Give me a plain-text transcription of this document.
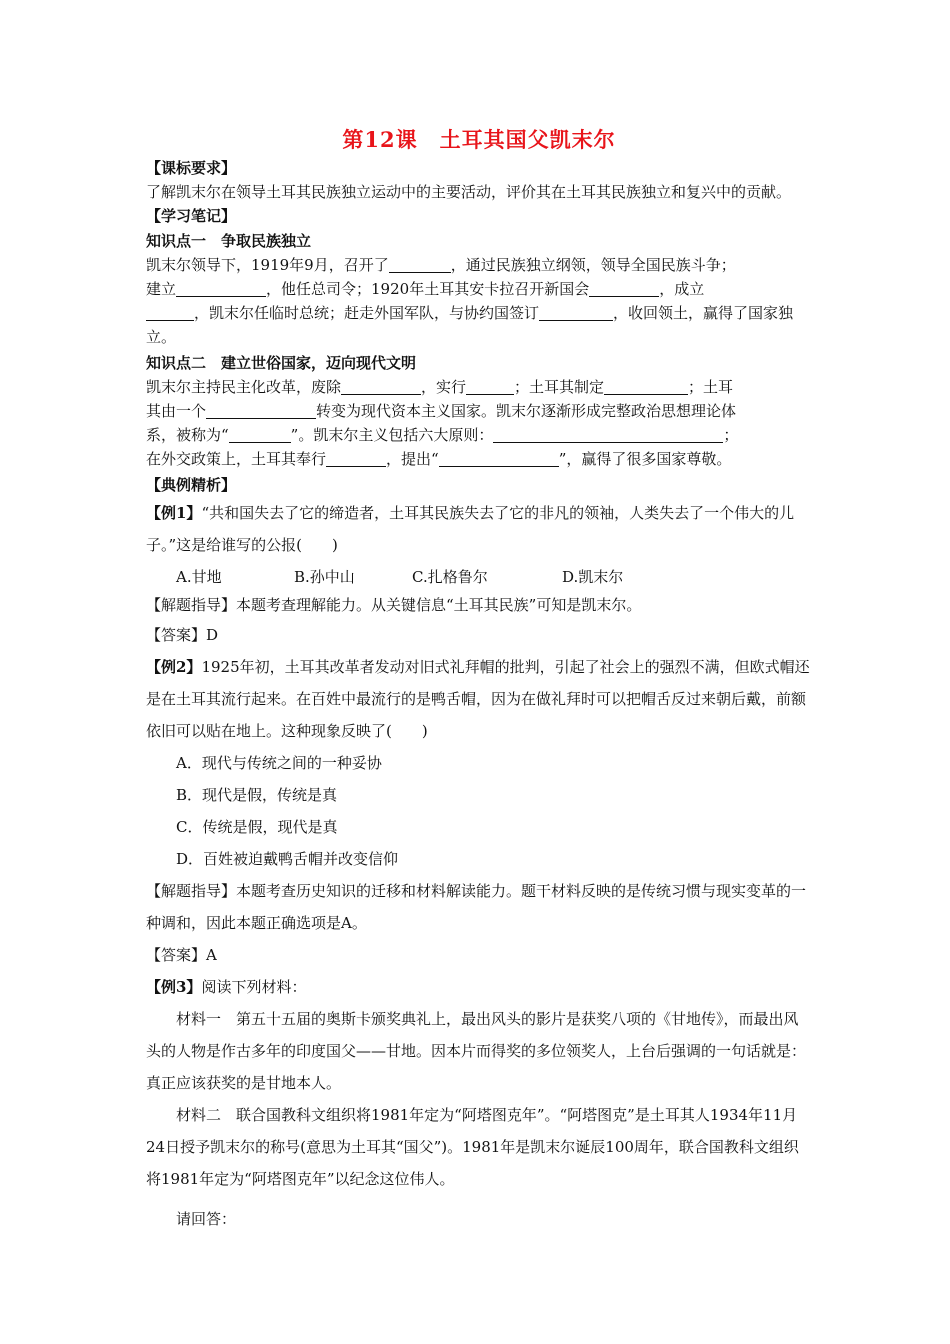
第12课　土耳其国父凯末尔

【课标要求】

了解凯末尔在领导土耳其民族独立运动中的主要活动，评价其在土耳其民族独立和复兴中的贡献。【学习笔记】

知识点一　争取民族独立

凯末尔领导下，1919年9月，召开了	，通过民族独立纲领，领导全国民族斗争；

建立	，他任总司令；1920年土耳其安卡拉召开新国会	，成立

，凯末尔任临时总统；赶走外国军队，与协约国签订	，收回领土，赢得了国家独

立。

知识点二　建立世俗国家，迈向现代文明

凯末尔主持民主化改革，废除	，实行	；土耳其制定	；土耳

其由一个	转变为现代资本主义国家。凯末尔逐渐形成完整政治思想理论体

系，被称为“	”。凯末尔主义包括六大原则：	；

在外交政策上，土耳其奉行	，提出“	”，赢得了很多国家尊敬。

【典例精析】

【例1】“共和国失去了它的缔造者，土耳其民族失去了它的非凡的领袖，人类失去了一个伟大的儿子。”这是给谁写的公报(　　)

A.甘地	B.孙中山	C.扎格鲁尔	D.凯末尔

【解题指导】本题考查理解能力。从关键信息“土耳其民族”可知是凯末尔。

【答案】D

【例2】1925年初，土耳其改革者发动对旧式礼拜帽的批判，引起了社会上的强烈不满，但欧式帽还是在土耳其流行起来。在百姓中最流行的是鸭舌帽，因为在做礼拜时可以把帽舌反过来朝后戴，前额依旧可以贴在地上。这种现象反映了(　　)

A．现代与传统之间的一种妥协

B．现代是假，传统是真

C．传统是假，现代是真

D．百姓被迫戴鸭舌帽并改变信仰

【解题指导】本题考查历史知识的迁移和材料解读能力。题干材料反映的是传统习惯与现实变革的一种调和，因此本题正确选项是A。

【答案】A

【例3】阅读下列材料：

材料一　第五十五届的奥斯卡颁奖典礼上，最出风头的影片是获奖八项的《甘地传》，而最出风头的人物是作古多年的印度国父——甘地。因本片而得奖的多位领奖人，上台后强调的一句话就是：真正应该获奖的是甘地本人。

材料二　联合国教科文组织将1981年定为“阿塔图克年”。“阿塔图克”是土耳其人1934年11月24日授予凯末尔的称号(意思为土耳其“国父”)。1981年是凯末尔诞辰100周年，联合国教科文组织将1981年定为“阿塔图克年”以纪念这位伟人。

请回答：
